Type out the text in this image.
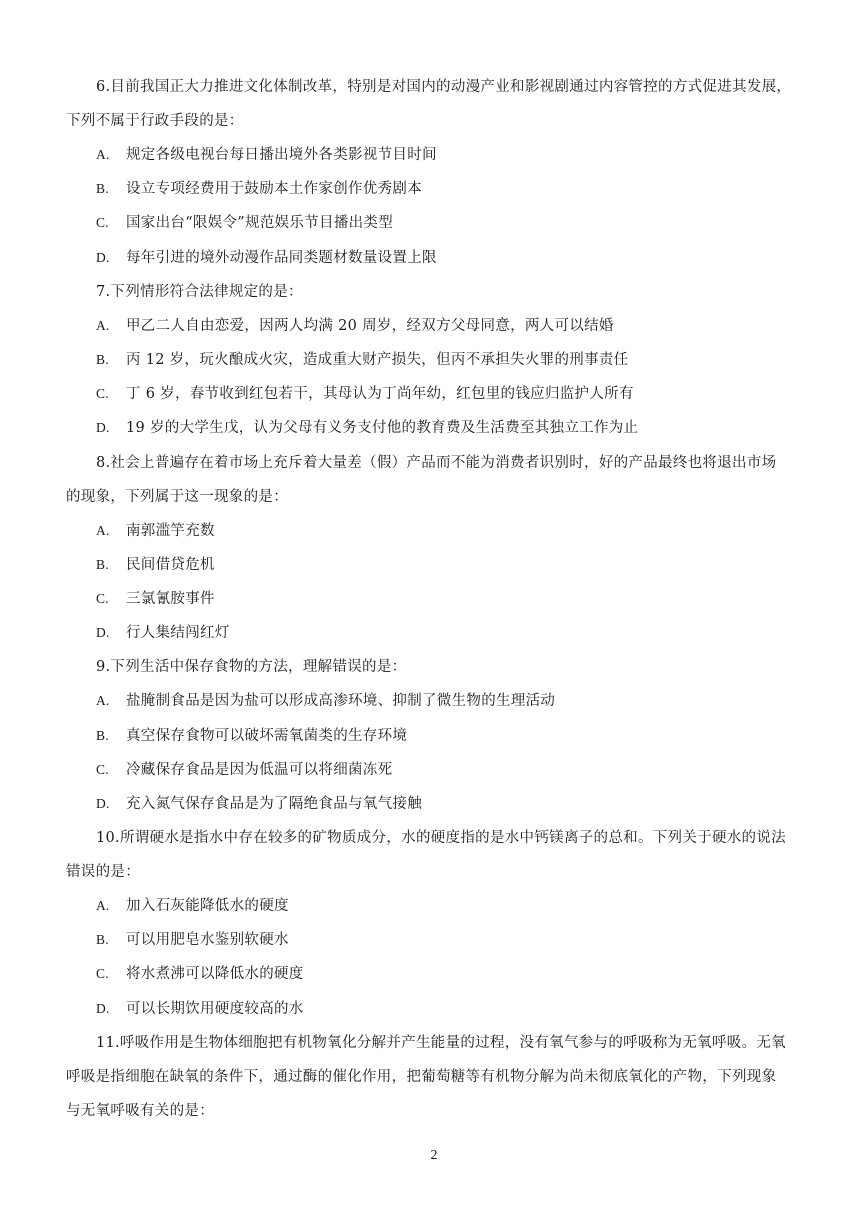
6.目前我国正大力推进文化体制改革，特别是对国内的动漫产业和影视剧通过内容管控的方式促进其发展，
下列不属于行政手段的是：
A.	规定各级电视台每日播出境外各类影视节目时间
B.	设立专项经费用于鼓励本土作家创作优秀剧本
C.	国家出台“限娱令”规范娱乐节目播出类型
D.	每年引进的境外动漫作品同类题材数量设置上限
7.下列情形符合法律规定的是：
A.	甲乙二人自由恋爱，因两人均满 20 周岁，经双方父母同意，两人可以结婚
B.	丙 12 岁，玩火酿成火灾，造成重大财产损失，但丙不承担失火罪的刑事责任
C.	丁 6 岁，春节收到红包若干，其母认为丁尚年幼，红包里的钱应归监护人所有
D.	19 岁的大学生戊，认为父母有义务支付他的教育费及生活费至其独立工作为止
8.社会上普遍存在着市场上充斥着大量差（假）产品而不能为消费者识别时，好的产品最终也将退出市场
的现象，下列属于这一现象的是：
A.	南郭滥竽充数
B.	民间借贷危机
C.	三氯氰胺事件
D.	行人集结闯红灯
9.下列生活中保存食物的方法，理解错误的是：
A.	盐腌制食品是因为盐可以形成高渗环境、抑制了微生物的生理活动
B.	真空保存食物可以破坏需氧菌类的生存环境
C.	冷藏保存食品是因为低温可以将细菌冻死
D.	充入氮气保存食品是为了隔绝食品与氧气接触
10.所谓硬水是指水中存在较多的矿物质成分，水的硬度指的是水中钙镁离子的总和。下列关于硬水的说法
错误的是：
A.	加入石灰能降低水的硬度
B.	可以用肥皂水鉴别软硬水
C.	将水煮沸可以降低水的硬度
D.	可以长期饮用硬度较高的水
11.呼吸作用是生物体细胞把有机物氧化分解并产生能量的过程，没有氧气参与的呼吸称为无氧呼吸。无氧
呼吸是指细胞在缺氧的条件下，通过酶的催化作用，把葡萄糖等有机物分解为尚未彻底氧化的产物，下列现象
与无氧呼吸有关的是：
2
